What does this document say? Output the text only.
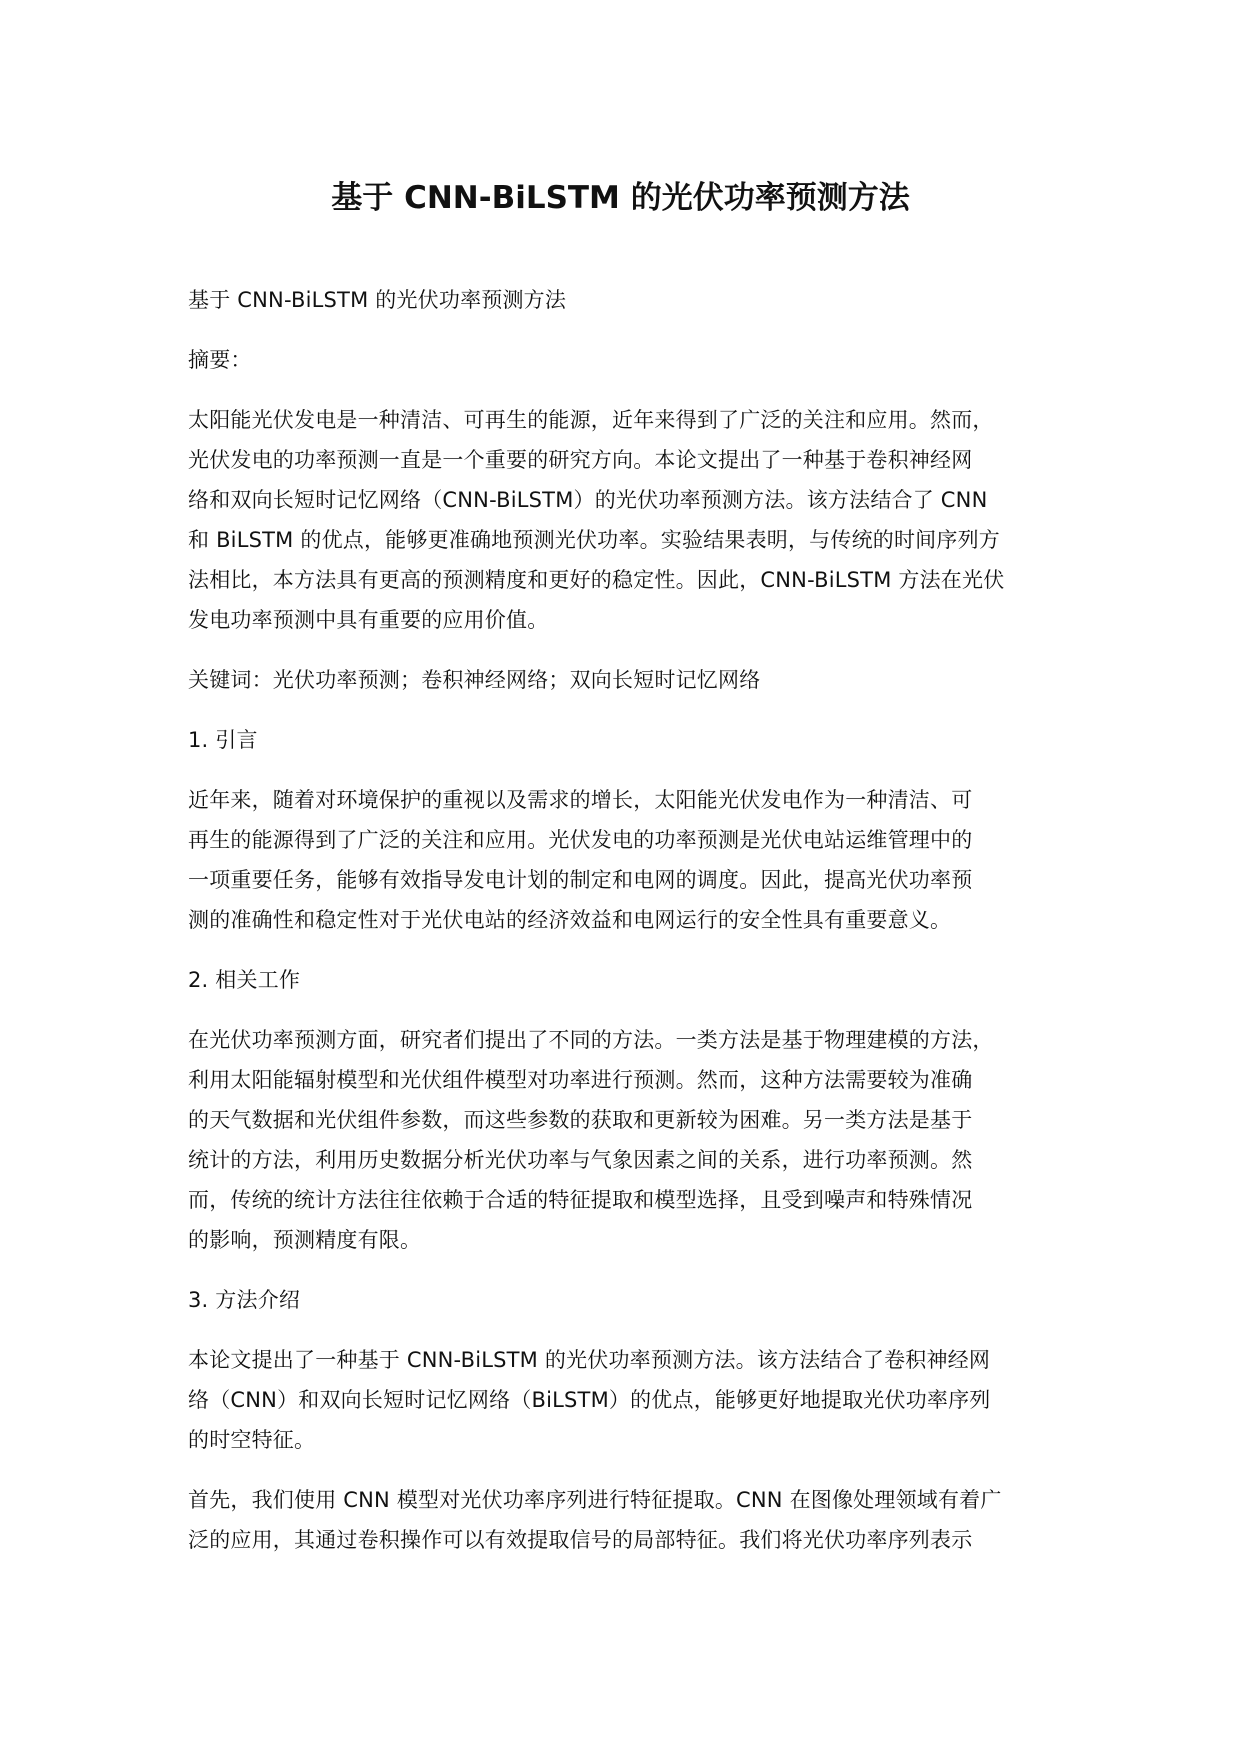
基于 CNN-BiLSTM 的光伏功率预测方法

基于 CNN-BiLSTM 的光伏功率预测方法

摘要：

太阳能光伏发电是一种清洁、可再生的能源，近年来得到了广泛的关注和应用。然而，
光伏发电的功率预测一直是一个重要的研究方向。本论文提出了一种基于卷积神经网
络和双向长短时记忆网络（CNN-BiLSTM）的光伏功率预测方法。该方法结合了 CNN
和 BiLSTM 的优点，能够更准确地预测光伏功率。实验结果表明，与传统的时间序列方
法相比，本方法具有更高的预测精度和更好的稳定性。因此，CNN-BiLSTM 方法在光伏
发电功率预测中具有重要的应用价值。

关键词：光伏功率预测；卷积神经网络；双向长短时记忆网络

1. 引言

近年来，随着对环境保护的重视以及需求的增长，太阳能光伏发电作为一种清洁、可
再生的能源得到了广泛的关注和应用。光伏发电的功率预测是光伏电站运维管理中的
一项重要任务，能够有效指导发电计划的制定和电网的调度。因此，提高光伏功率预
测的准确性和稳定性对于光伏电站的经济效益和电网运行的安全性具有重要意义。

2. 相关工作

在光伏功率预测方面，研究者们提出了不同的方法。一类方法是基于物理建模的方法，
利用太阳能辐射模型和光伏组件模型对功率进行预测。然而，这种方法需要较为准确
的天气数据和光伏组件参数，而这些参数的获取和更新较为困难。另一类方法是基于
统计的方法，利用历史数据分析光伏功率与气象因素之间的关系，进行功率预测。然
而，传统的统计方法往往依赖于合适的特征提取和模型选择，且受到噪声和特殊情况
的影响，预测精度有限。

3. 方法介绍

本论文提出了一种基于 CNN-BiLSTM 的光伏功率预测方法。该方法结合了卷积神经网
络（CNN）和双向长短时记忆网络（BiLSTM）的优点，能够更好地提取光伏功率序列
的时空特征。

首先，我们使用 CNN 模型对光伏功率序列进行特征提取。CNN 在图像处理领域有着广
泛的应用，其通过卷积操作可以有效提取信号的局部特征。我们将光伏功率序列表示
